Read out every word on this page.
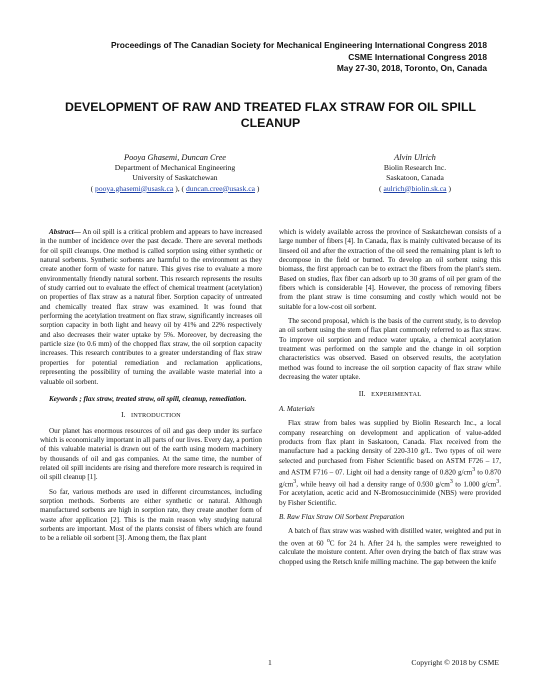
Proceedings of The Canadian Society for Mechanical Engineering International Congress 2018
CSME International Congress 2018
May 27-30, 2018, Toronto, On, Canada
DEVELOPMENT OF RAW AND TREATED FLAX STRAW FOR OIL SPILL CLEANUP
Pooya Ghasemi, Duncan Cree
Department of Mechanical Engineering
University of Saskatchewan
( pooya.ghasemi@usask.ca ), ( duncan.cree@usask.ca )
Alvin Ulrich
Biolin Research Inc.
Saskatoon, Canada
( aulrich@biolin.sk.ca )

Abstract— An oil spill is a critical problem and appears to have increased in the number of incidence over the past decade. There are several methods for oil spill cleanups. One method is called sorption using either synthetic or natural sorbents. Synthetic sorbents are harmful to the environment as they create another form of waste for nature. This gives rise to evaluate a more environmentally friendly natural sorbent. This research represents the results of study carried out to evaluate the effect of chemical treatment (acetylation) on properties of flax straw as a natural fiber. Sorption capacity of untreated and chemically treated flax straw was examined. It was found that performing the acetylation treatment on flax straw, significantly increases oil sorption capacity in both light and heavy oil by 41% and 22% respectively and also decreases their water uptake by 5%. Moreover, by decreasing the particle size (to 0.6 mm) of the chopped flax straw, the oil sorption capacity increases. This research contributes to a greater understanding of flax straw properties for potential remediation and reclamation applications, representing the possibility of turning the available waste material into a valuable oil sorbent.

Keywords ; flax straw, treated straw, oil spill, cleanup, remediation.

I. INTRODUCTION

Our planet has enormous resources of oil and gas deep under its surface which is economically important in all parts of our lives. Every day, a portion of this valuable material is drawn out of the earth using modern machinery by thousands of oil and gas companies. At the same time, the number of related oil spill incidents are rising and therefore more research is required in oil spill cleanup [1].

So far, various methods are used in different circumstances, including sorption methods. Sorbents are either synthetic or natural. Although manufactured sorbents are high in sorption rate, they create another form of waste after application [2]. This is the main reason why studying natural sorbents are important. Most of the plants consist of fibers which are found to be a reliable oil sorbent [3]. Among them, the flax plant

which is widely available across the province of Saskatchewan consists of a large number of fibers [4]. In Canada, flax is mainly cultivated because of its linseed oil and after the extraction of the oil seed the remaining plant is left to decompose in the field or burned. To develop an oil sorbent using this biomass, the first approach can be to extract the fibers from the plant's stem. Based on studies, flax fiber can adsorb up to 30 grams of oil per gram of the fibers which is considerable [4]. However, the process of removing fibers from the plant straw is time consuming and costly which would not be suitable for a low-cost oil sorbent.

The second proposal, which is the basis of the current study, is to develop an oil sorbent using the stem of flax plant commonly referred to as flax straw. To improve oil sorption and reduce water uptake, a chemical acetylation treatment was performed on the sample and the change in oil sorption characteristics was observed. Based on observed results, the acetylation method was found to increase the oil sorption capacity of flax straw while decreasing the water uptake.

II. EXPERIMENTAL
A. Materials

Flax straw from bales was supplied by Biolin Research Inc., a local company researching on development and application of value-added products from flax plant in Saskatoon, Canada. Flax received from the manufacture had a packing density of 220-310 g/L. Two types of oil were selected and purchased from Fisher Scientific based on ASTM F726 – 17, and ASTM F716 – 07. Light oil had a density range of 0.820 $g/cm^3$ to 0.870 $g/cm^3$, while heavy oil had a density range of 0.930 $g/cm^3$ to 1.000 $g/cm^3$. For acetylation, acetic acid and N-Bromosuccinimide (NBS) were provided by Fisher Scientific.

B. Raw Flax Straw Oil Sorbent Preparation

A batch of flax straw was washed with distilled water, weighted and put in the oven at 60 $^o$C for 24 h. After 24 h, the samples were reweighted to calculate the moisture content. After oven drying the batch of flax straw was chopped using the Retsch knife milling machine. The gap between the knife

1	Copyright © 2018 by CSME
